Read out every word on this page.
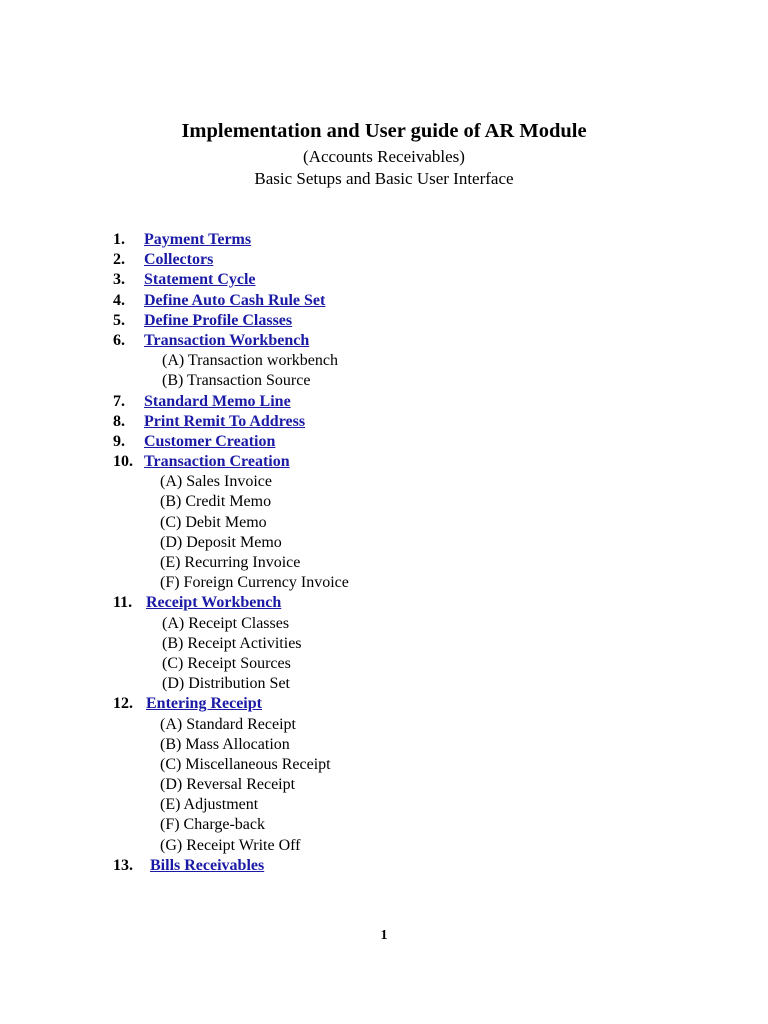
Implementation and User guide of AR Module
(Accounts Receivables)
Basic Setups and Basic User Interface
1. Payment Terms
2. Collectors
3. Statement Cycle
4. Define Auto Cash Rule Set
5. Define Profile Classes
6. Transaction Workbench
(A) Transaction workbench
(B) Transaction Source
7. Standard Memo Line
8. Print Remit To Address
9. Customer Creation
10. Transaction Creation
(A) Sales Invoice
(B) Credit Memo
(C) Debit Memo
(D) Deposit Memo
(E) Recurring Invoice
(F) Foreign Currency Invoice
11. Receipt Workbench
(A) Receipt Classes
(B) Receipt Activities
(C) Receipt Sources
(D) Distribution Set
12. Entering Receipt
(A) Standard Receipt
(B) Mass Allocation
(C) Miscellaneous Receipt
(D) Reversal Receipt
(E) Adjustment
(F) Charge-back
(G) Receipt Write Off
13. Bills Receivables
1
